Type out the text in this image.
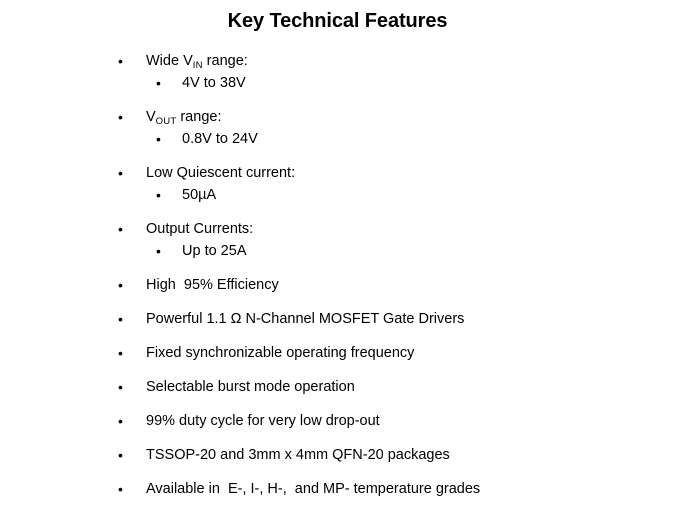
Key Technical Features
• Wide $V_{IN}$ range:
• 4V to 38V
• $V_{OUT}$ range:
• 0.8V to 24V
• Low Quiescent current:
• 50µA
• Output Currents:
• Up to 25A
• High  95% Efficiency
• Powerful 1.1 Ω N-Channel MOSFET Gate Drivers
• Fixed synchronizable operating frequency
• Selectable burst mode operation
• 99% duty cycle for very low drop-out
• TSSOP-20 and 3mm x 4mm QFN-20 packages
• Available in  E-, I-, H-,  and MP- temperature grades
